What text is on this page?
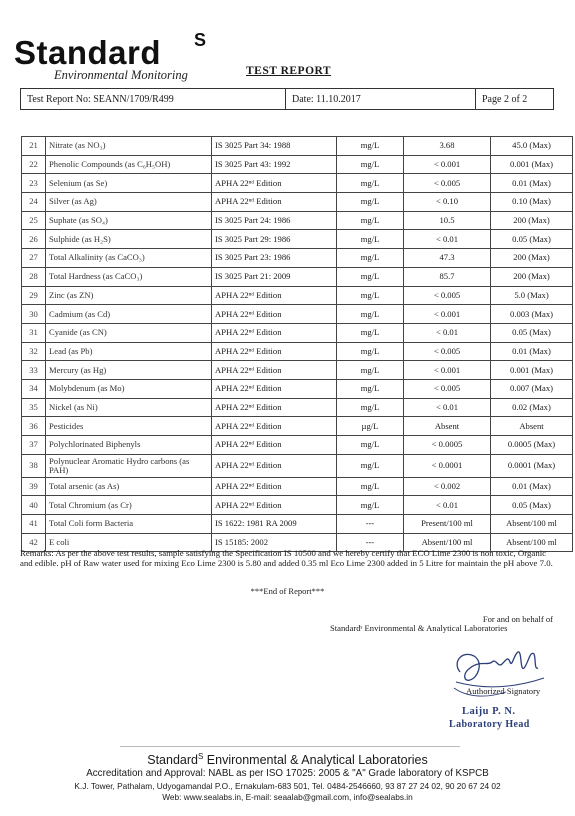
Standard S
Environmental Monitoring	TEST REPORT
Test Report No: SEANN/1709/R499	Date: 11.10.2017	Page 2 of 2
21	Nitrate (as NO₃)	IS 3025 Part 34: 1988	mg/L	3.68	45.0 (Max)
22	Phenolic Compounds (as C₆H₅OH)	IS 3025 Part 43: 1992	mg/L	< 0.001	0.001 (Max)
23	Selenium (as Se)	APHA 22ⁿᵈ Edition	mg/L	< 0.005	0.01 (Max)
24	Silver (as Ag)	APHA 22ⁿᵈ Edition	mg/L	< 0.10	0.10 (Max)
25	Suphate (as SO₄)	IS 3025 Part 24: 1986	mg/L	10.5	200 (Max)
26	Sulphide (as H₂S)	IS 3025 Part 29: 1986	mg/L	< 0.01	0.05 (Max)
27	Total Alkalinity (as CaCO₃)	IS 3025 Part 23: 1986	mg/L	47.3	200 (Max)
28	Total Hardness (as CaCO₃)	IS 3025 Part 21: 2009	mg/L	85.7	200 (Max)
29	Zinc (as ZN)	APHA 22ⁿᵈ Edition	mg/L	< 0.005	5.0 (Max)
30	Cadmium (as Cd)	APHA 22ⁿᵈ Edition	mg/L	< 0.001	0.003 (Max)
31	Cyanide (as CN)	APHA 22ⁿᵈ Edition	mg/L	< 0.01	0.05 (Max)
32	Lead (as Pb)	APHA 22ⁿᵈ Edition	mg/L	< 0.005	0.01 (Max)
33	Mercury (as Hg)	APHA 22ⁿᵈ Edition	mg/L	< 0.001	0.001 (Max)
34	Molybdenum (as Mo)	APHA 22ⁿᵈ Edition	mg/L	< 0.005	0.007 (Max)
35	Nickel (as Ni)	APHA 22ⁿᵈ Edition	mg/L	< 0.01	0.02 (Max)
36	Pesticides	APHA 22ⁿᵈ Edition	µg/L	Absent	Absent
37	Polychlorinated Biphenyls	APHA 22ⁿᵈ Edition	mg/L	< 0.0005	0.0005 (Max)
38	Polynuclear Aromatic Hydro carbons (as PAH)	APHA 22ⁿᵈ Edition	mg/L	< 0.0001	0.0001 (Max)
39	Total arsenic (as As)	APHA 22ⁿᵈ Edition	mg/L	< 0.002	0.01 (Max)
40	Total Chromium (as Cr)	APHA 22ⁿᵈ Edition	mg/L	< 0.01	0.05 (Max)
41	Total Coli form Bacteria	IS 1622: 1981 RA 2009	---	Present/100 ml	Absent/100 ml
42	E coli	IS 15185: 2002	---	Absent/100 ml	Absent/100 ml
Remarks: As per the above test results, sample satisfying the Specification IS 10500 and we hereby certify that ECO Lime 2300 is non toxic, Organic and edible. pH of Raw water used for mixing Eco Lime 2300 is 5.80 and added 0.35 ml Eco Lime 2300 added in 5 Litre for maintain the pH above 7.0.
***End of Report***
For and on behalf of
Standardˢ Environmental & Analytical Laboratories
Authorized Signatory
Laiju P. N.
Laboratory Head
Standard$^S$ Environmental & Analytical Laboratories
Accreditation and Approval: NABL as per ISO 17025: 2005 & "A" Grade laboratory of KSPCB
K.J. Tower, Pathalam, Udyogamandal P.O., Ernakulam-683 501, Tel. 0484-2546660, 93 87 27 24 02, 90 20 67 24 02
Web: www.sealabs.in, E-mail: seaalab@gmail.com, info@sealabs.in
